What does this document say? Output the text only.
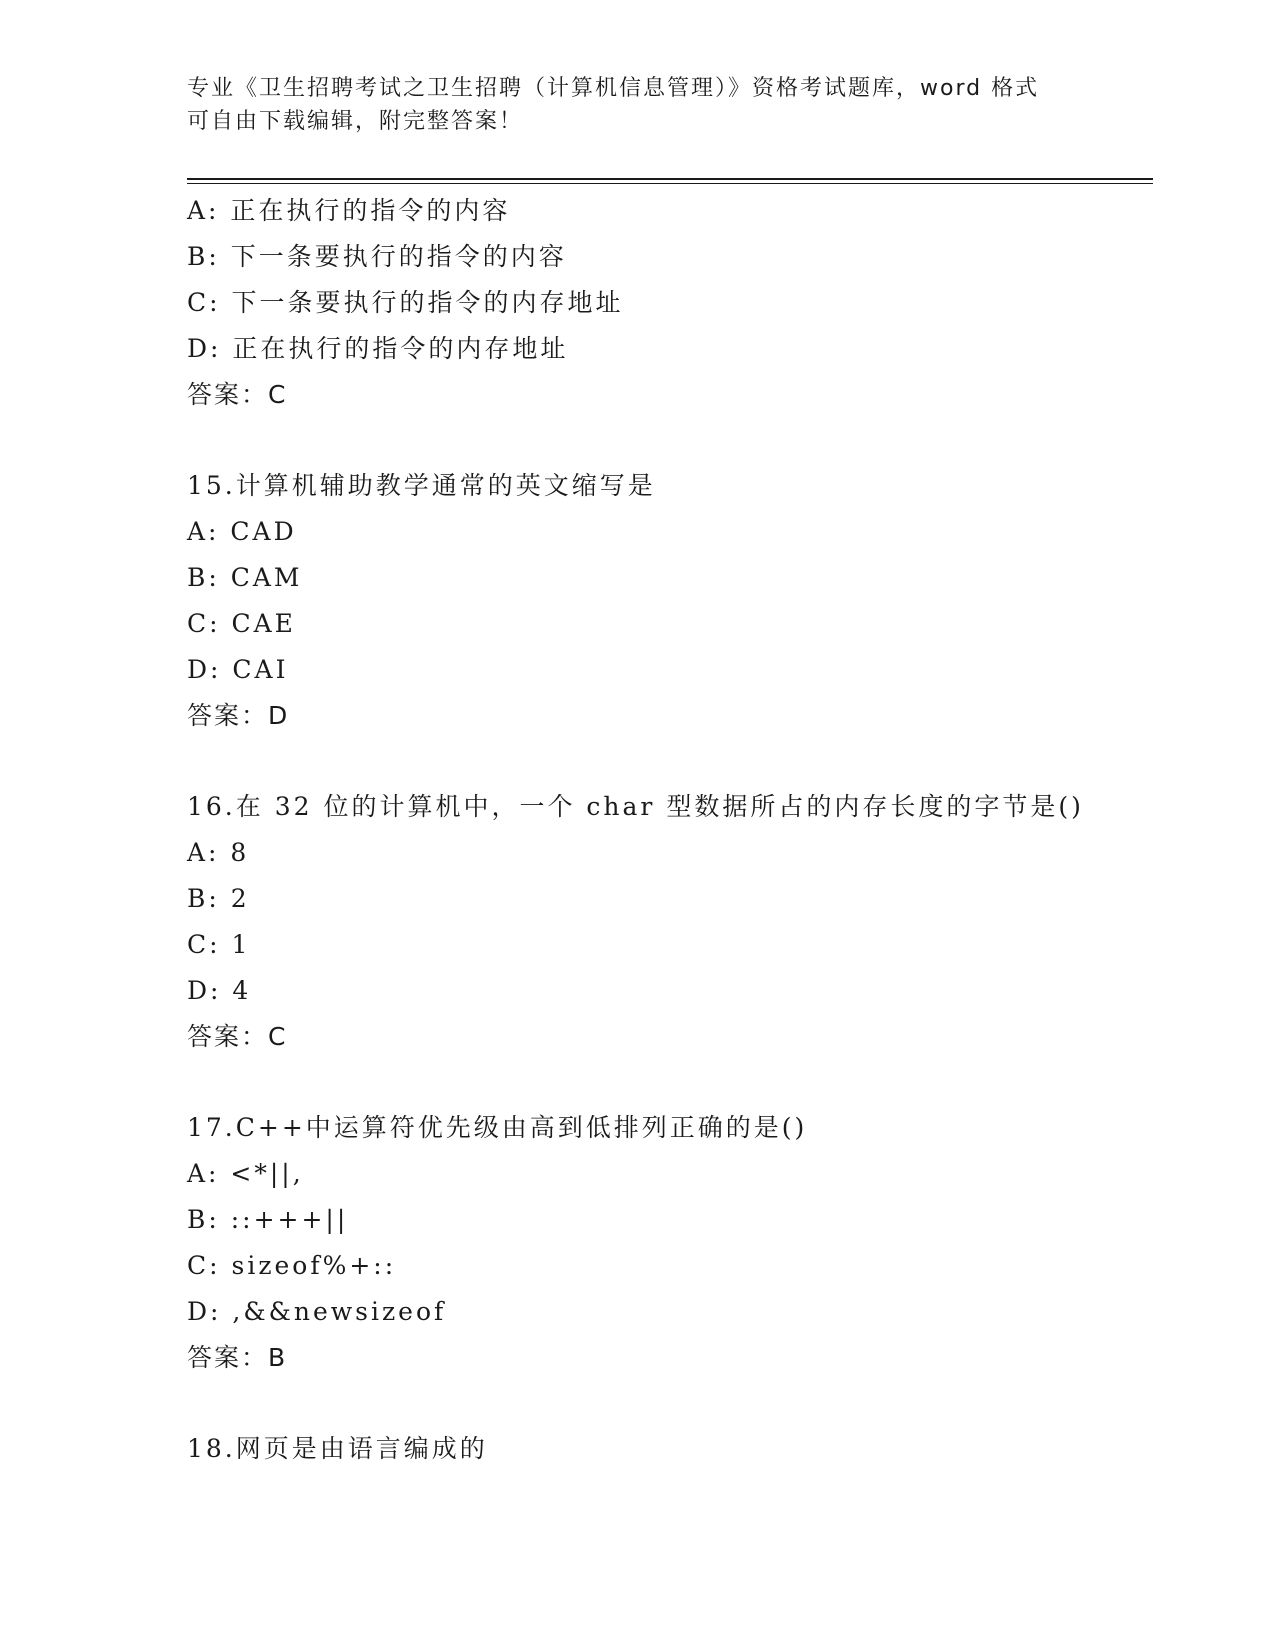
专业《卫生招聘考试之卫生招聘（计算机信息管理）》资格考试题库，word 格式
可自由下载编辑，附完整答案！
A: 正在执行的指令的内容
B: 下一条要执行的指令的内容
C: 下一条要执行的指令的内存地址
D: 正在执行的指令的内存地址
答案：C
15.计算机辅助教学通常的英文缩写是
A: CAD
B: CAM
C: CAE
D: CAI
答案：D
16.在 32 位的计算机中，一个 char 型数据所占的内存长度的字节是()
A: 8
B: 2
C: 1
D: 4
答案：C
17.C++中运算符优先级由高到低排列正确的是()
A: <*||,
B: ::+++||
C: sizeof%+::
D: ,&&newsizeof
答案：B
18.网页是由语言编成的
